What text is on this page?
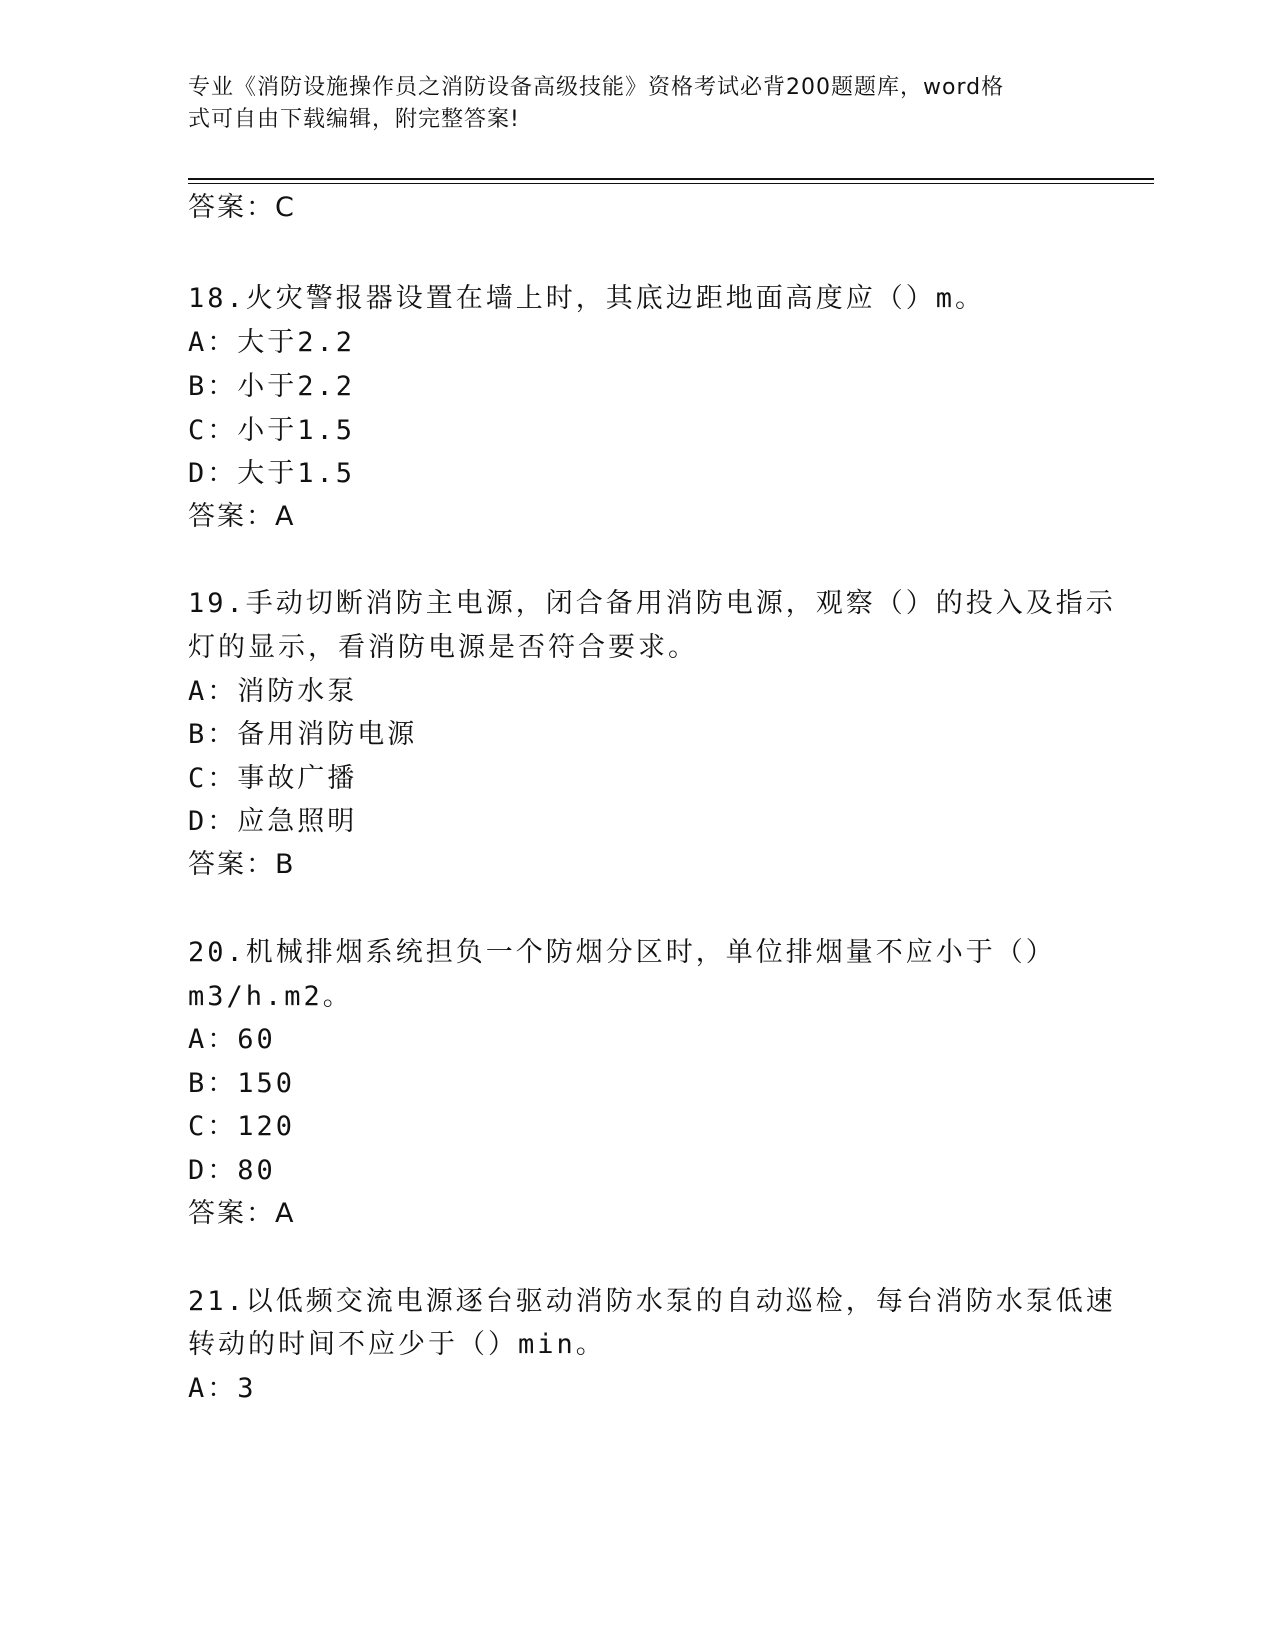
专业《消防设施操作员之消防设备高级技能》资格考试必背200题题库，word格
式可自由下载编辑，附完整答案!
答案：C
18.火灾警报器设置在墙上时，其底边距地面高度应（）m。
A：大于2.2
B：小于2.2
C：小于1.5
D：大于1.5
答案：A
19.手动切断消防主电源，闭合备用消防电源，观察（）的投入及指示
灯的显示，看消防电源是否符合要求。
A：消防水泵
B：备用消防电源
C：事故广播
D：应急照明
答案：B
20.机械排烟系统担负一个防烟分区时，单位排烟量不应小于（）
m3/h.m2。
A：60
B：150
C：120
D：80
答案：A
21.以低频交流电源逐台驱动消防水泵的自动巡检，每台消防水泵低速
转动的时间不应少于（）min。
A：3
